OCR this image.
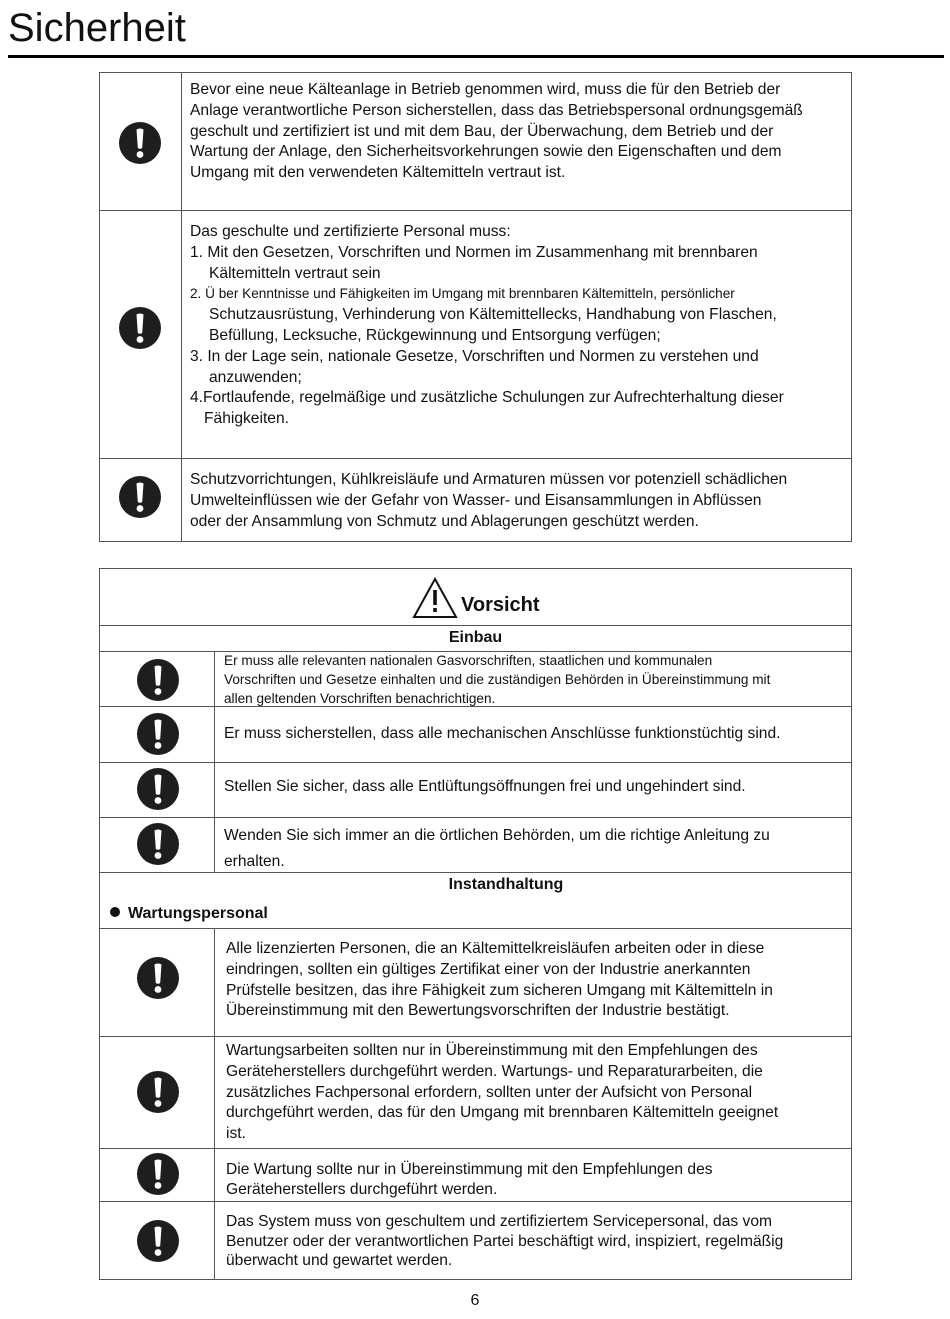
Sicherheit

Bevor eine neue Kälteanlage in Betrieb genommen wird, muss die für den Betrieb der

Anlage verantwortliche Person sicherstellen, dass das Betriebspersonal ordnungsgemäß

geschult und zertifiziert ist und mit dem Bau, der Überwachung, dem Betrieb und der

Wartung der Anlage, den Sicherheitsvorkehrungen sowie den Eigenschaften und dem

Umgang mit den verwendeten Kältemitteln vertraut ist.

Das geschulte und zertifizierte Personal muss:

1. Mit den Gesetzen, Vorschriften und Normen im Zusammenhang mit brennbaren

Kältemitteln vertraut sein

2. Ü ber Kenntnisse und Fähigkeiten im Umgang mit brennbaren Kältemitteln, persönlicher

Schutzausrüstung, Verhinderung von Kältemittellecks, Handhabung von Flaschen,

Befüllung, Lecksuche, Rückgewinnung und Entsorgung verfügen;

3. In der Lage sein, nationale Gesetze, Vorschriften und Normen zu verstehen und

anzuwenden;

4.Fortlaufende, regelmäßige und zusätzliche Schulungen zur Aufrechterhaltung dieser

Fähigkeiten.

Schutzvorrichtungen, Kühlkreisläufe und Armaturen müssen vor potenziell schädlichen

Umwelteinflüssen wie der Gefahr von Wasser- und Eisansammlungen in Abflüssen

oder der Ansammlung von Schmutz und Ablagerungen geschützt werden.

Vorsicht
Einbau

Er muss alle relevanten nationalen Gasvorschriften, staatlichen und kommunalen

Vorschriften und Gesetze einhalten und die zuständigen Behörden in Übereinstimmung mit

allen geltenden Vorschriften benachrichtigen.

Er muss sicherstellen, dass alle mechanischen Anschlüsse funktionstüchtig sind.

Stellen Sie sicher, dass alle Entlüftungsöffnungen frei und ungehindert sind.

Wenden Sie sich immer an die örtlichen Behörden, um die richtige Anleitung zu

erhalten.

Instandhaltung
Wartungspersonal

Alle lizenzierten Personen, die an Kältemittelkreisläufen arbeiten oder in diese

eindringen, sollten ein gültiges Zertifikat einer von der Industrie anerkannten

Prüfstelle besitzen, das ihre Fähigkeit zum sicheren Umgang mit Kältemitteln in

Übereinstimmung mit den Bewertungsvorschriften der Industrie bestätigt.

Wartungsarbeiten sollten nur in Übereinstimmung mit den Empfehlungen des

Geräteherstellers durchgeführt werden. Wartungs- und Reparaturarbeiten, die

zusätzliches Fachpersonal erfordern, sollten unter der Aufsicht von Personal

durchgeführt werden, das für den Umgang mit brennbaren Kältemitteln geeignet

ist.

Die Wartung sollte nur in Übereinstimmung mit den Empfehlungen des

Geräteherstellers durchgeführt werden.

Das System muss von geschultem und zertifiziertem Servicepersonal, das vom

Benutzer oder der verantwortlichen Partei beschäftigt wird, inspiziert, regelmäßig

überwacht und gewartet werden.

6
